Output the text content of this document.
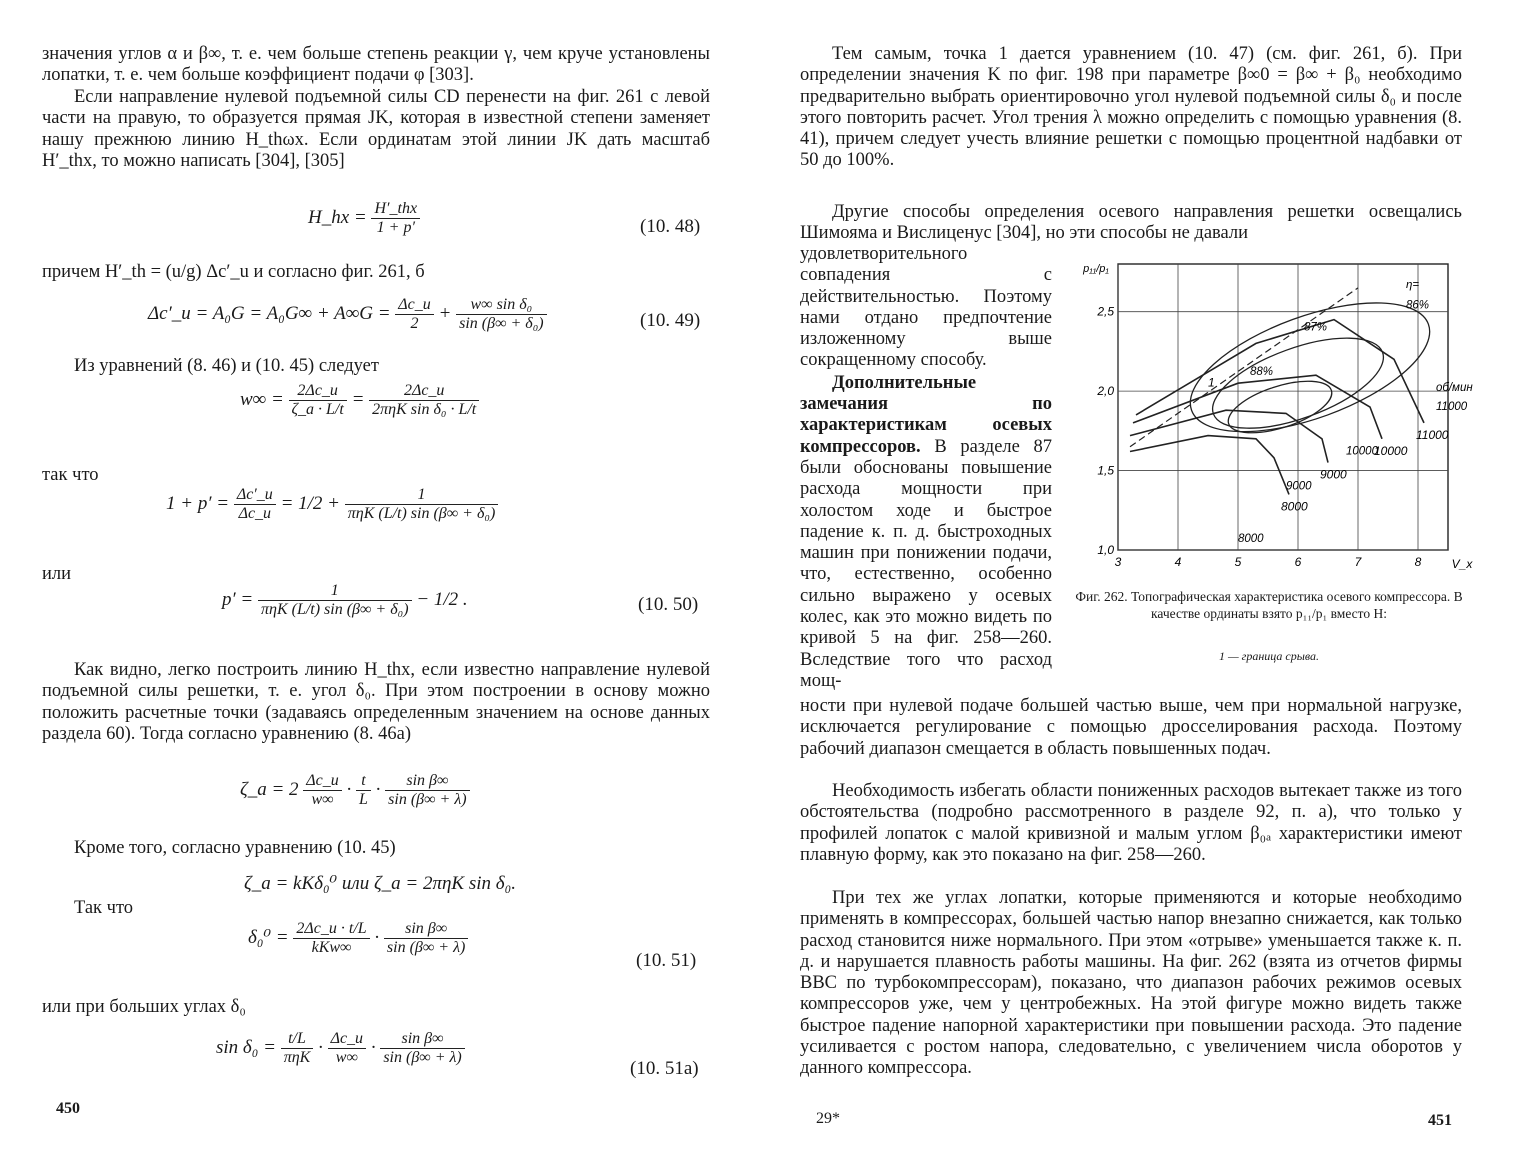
значения углов α и β∞, т. е. чем больше степень реакции γ, чем круче установлены лопатки, т. е. чем больше коэффициент подачи φ [303].

Если направление нулевой подъемной силы CD перенести на фиг. 261 с левой части на правую, то образуется прямая JK, которая в известной степени заменяет нашу прежнюю линию H_thωx. Если ординатам этой линии JK дать масштаб H′_thx, то можно написать [304], [305]

H_hx = $\frac{\text{H′\_thx}}{1 + p'}$	(10. 48)

причем H′_th = (u/g) Δc′_u и согласно фиг. 261, б

Δc′_u = $A_0G = A_0G\infty + A\infty G = \frac{\Delta c\_u}{2} + \frac{\text{w∞ sin δ₀}}{\text{sin (β∞ + δ₀)}}$	(10. 49)

Из уравнений (8. 46) и (10. 45) следует

$w\infty = \frac{2\Delta c\_u}{\zeta\_a \cdot L/t} = \frac{2\Delta c\_u}{\text{2πηK sin δ₀ · L/t}}$

так что

$1 + p' = \frac{\Delta c'\_u}{\Delta c\_u} = 1/2 + \frac{1}{\text{πηK (L/t) sin (β∞ + δ₀)}}$

или

$p' = \frac{1}{\text{πηK (L/t) sin (β∞ + δ₀)}} - 1/2$ .	(10. 50)

Как видно, легко построить линию H_thx, если известно направление нулевой подъемной силы решетки, т. е. угол δ₀. При этом построении в основу можно положить расчетные точки (задаваясь определенным значением на основе данных раздела 60). Тогда согласно уравнению (8. 46а)

ζ_a = $2 \frac{\Delta c\_u}{w\infty} \cdot \frac{t}{L} \cdot \frac{\text{sin β∞}}{\sin (\beta\infty + \lambda)}$

Кроме того, согласно уравнению (10. 45)

ζ_a = kKδ₀⁰ или ζ_a = 2πηK sin δ₀.

Так что

$\delta_0^0 = \frac{2\Delta c\_u \cdot t/L}{\text{kKw∞}} \cdot \frac{\text{sin β∞}}{\sin (\beta\infty + \lambda)}$
(10. 51)

или при больших углах δ₀

$\sin \delta_0 = \frac{t/L}{\text{πηK}} \cdot \frac{\Delta c\_u}{w\infty} \cdot \frac{\text{sin β∞}}{\sin (\beta\infty + \lambda)}$
(10. 51а)
450

Тем самым, точка 1 дается уравнением (10. 47) (см. фиг. 261, б). При определении значения K по фиг. 198 при параметре β∞0 = β∞ + β₀ необходимо предварительно выбрать ориентировочно угол нулевой подъемной силы δ₀ и после этого повторить расчет. Угол трения λ можно определить с помощью уравнения (8. 41), причем следует учесть влияние решетки с помощью процентной надбавки от 50 до 100%.

Другие способы определения осевого направления решетки освещались Шимояма и Вислиценус [304], но эти способы не давали

удовлетворительного совпадения с действительностью. Поэтому нами отдано предпочтение изложенному выше сокращенному способу.
Дополнительные замечания по характеристикам осевых компрессоров. В разделе 87 были обоснованы повышение расхода мощности при холостом ходе и быстрое падение к. п. д. быстроходных машин при понижении подачи, что, естественно, особенно сильно выражено у осевых колес, как это можно видеть по кривой 5 на фиг. 258—260. Вследствие того что расход мощ-
3	4	5	6	7	8
1,0
1,5
2,0
2,5
p₁₁/p₁
V_x
1
8000
9000
10000
11000
η=
86%
87%
88%
об/мин
11000
10000
9000
8000
Фиг. 262. Топографическая характеристика осевого компрессора. В качестве ординаты взято p₁₁/p₁ вместо H:
1 — граница срыва.

ности при нулевой подаче большей частью выше, чем при нормальной нагрузке, исключается регулирование с помощью дросселирования расхода. Поэтому рабочий диапазон смещается в область повышенных подач.

Необходимость избегать области пониженных расходов вытекает также из того обстоятельства (подробно рассмотренного в разделе 92, п. а), что только у профилей лопаток с малой кривизной и малым углом β₀ₐ характеристики имеют плавную форму, как это показано на фиг. 258—260.

При тех же углах лопатки, которые применяются и которые необходимо применять в компрессорах, большей частью напор внезапно снижается, как только расход становится ниже нормального. При этом «отрыве» уменьшается также к. п. д. и нарушается плавность работы машины. На фиг. 262 (взята из отчетов фирмы BBC по турбокомпрессорам), показано, что диапазон рабочих режимов осевых компрессоров уже, чем у центробежных. На этой фигуре можно видеть также быстрое падение напорной характеристики при повышении расхода. Это падение усиливается с ростом напора, следовательно, с увеличением числа оборотов у данного компрессора.

29*	451
